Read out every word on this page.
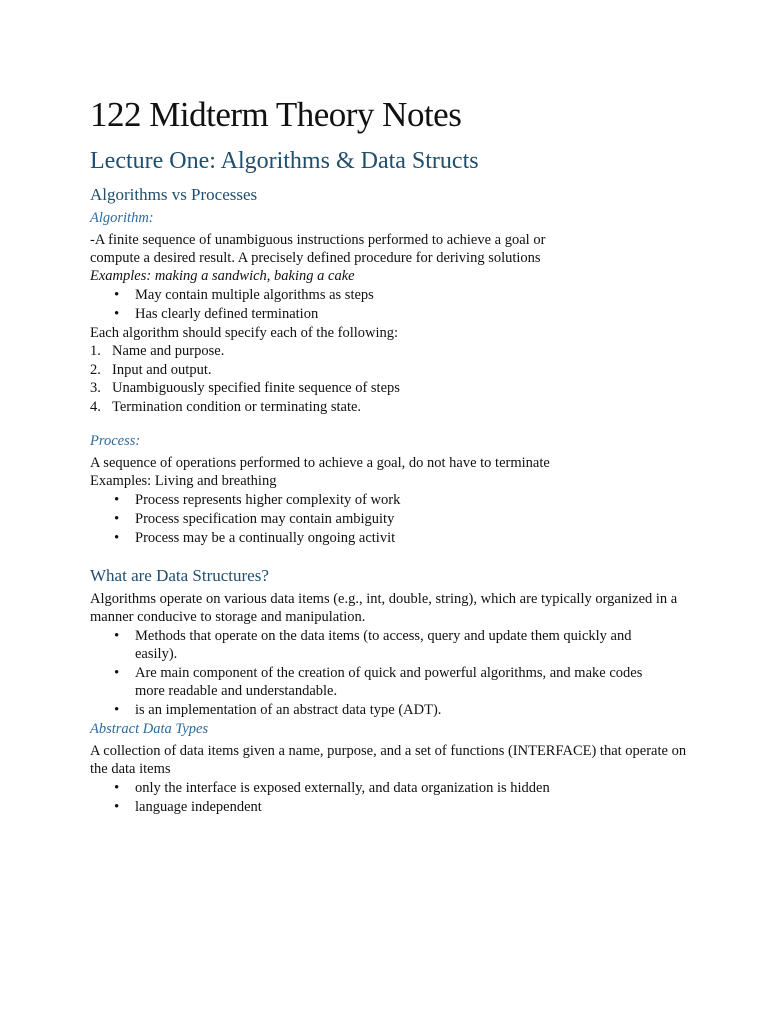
122 Midterm Theory Notes
Lecture One: Algorithms & Data Structs
Algorithms vs Processes
Algorithm:

-A finite sequence of unambiguous instructions performed to achieve a goal or

compute a desired result. A precisely defined procedure for deriving solutions

Examples: making a sandwich, baking a cake

• May contain multiple algorithms as steps
• Has clearly defined termination

Each algorithm should specify each of the following:

1. Name and purpose.
2. Input and output.
3. Unambiguously specified finite sequence of steps
4. Termination condition or terminating state.
Process:

A sequence of operations performed to achieve a goal, do not have to terminate

Examples: Living and breathing

• Process represents higher complexity of work
• Process specification may contain ambiguity
• Process may be a continually ongoing activit
What are Data Structures?

Algorithms operate on various data items (e.g., int, double, string), which are typically organized in a manner conducive to storage and manipulation.

• Methods that operate on the data items (to access, query and update them quickly and easily).
• Are main component of the creation of quick and powerful algorithms, and make codes more readable and understandable.
• is an implementation of an abstract data type (ADT).
Abstract Data Types

A collection of data items given a name, purpose, and a set of functions (INTERFACE) that operate on the data items

• only the interface is exposed externally, and data organization is hidden
• language independent
